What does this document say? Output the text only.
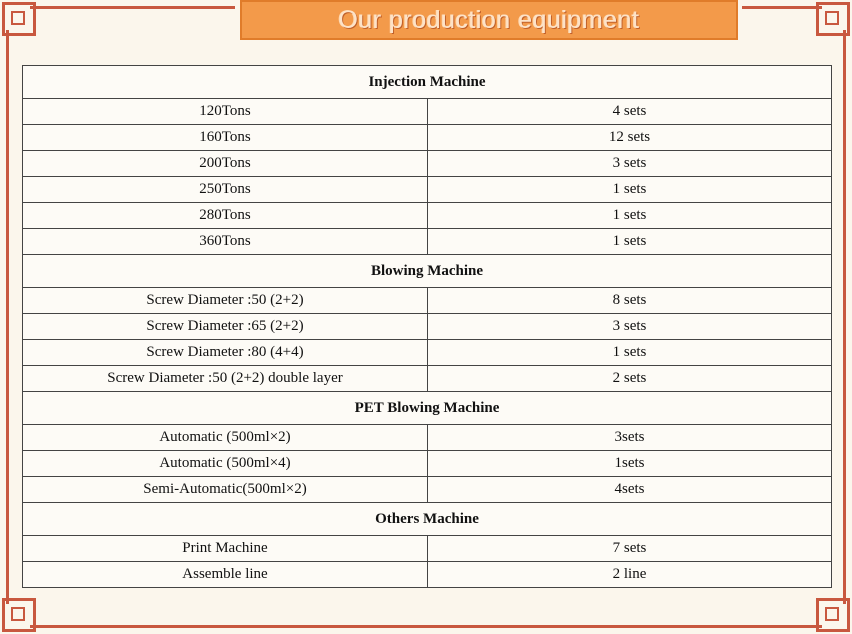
Our production equipment
Injection Machine	
120Tons	4 sets
160Tons	12 sets
200Tons	3 sets
250Tons	1 sets
280Tons	1 sets
360Tons	1 sets
Blowing Machine	
Screw Diameter :50 (2+2)	8 sets
Screw Diameter :65 (2+2)	3 sets
Screw Diameter :80 (4+4)	1 sets
Screw Diameter :50 (2+2) double layer	2 sets
PET Blowing Machine	
Automatic (500ml×2)	3sets
Automatic (500ml×4)	1sets
Semi-Automatic(500ml×2)	4sets
Others Machine	
Print Machine	7 sets
Assemble line	2 line
